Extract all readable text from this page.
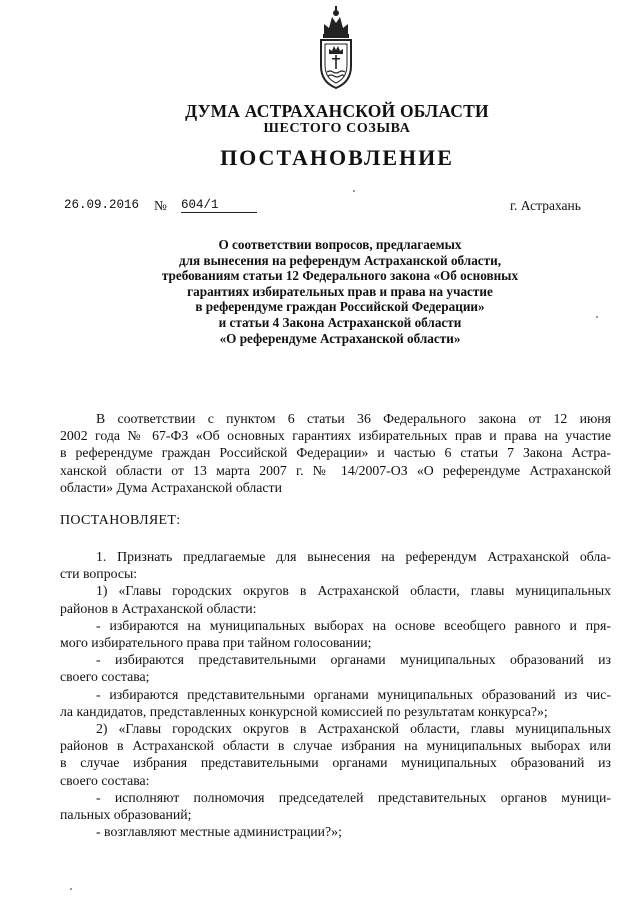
ДУМА АСТРАХАНСКОЙ ОБЛАСТИ
ШЕСТОГО СОЗЫВА
ПОСТАНОВЛЕНИЕ
26.09.2016 № 604/1	г. Астрахань
О соответствии вопросов, предлагаемых
для вынесения на референдум Астраханской области,
требованиям статьи 12 Федерального закона «Об основных
гарантиях избирательных прав и права на участие
в референдуме граждан Российской Федерации»
и статьи 4 Закона Астраханской области
«О референдуме Астраханской области»
В соответствии с пунктом 6 статьи 36 Федерального закона от 12 июня
2002 года № 67-ФЗ «Об основных гарантиях избирательных прав и права на участие
в референдуме граждан Российской Федерации» и частью 6 статьи 7 Закона Астра-
ханской области от 13 марта 2007 г. № 14/2007-ОЗ «О референдуме Астраханской
области» Дума Астраханской области
ПОСТАНОВЛЯЕТ:
1. Признать предлагаемые для вынесения на референдум Астраханской обла-
сти вопросы:
1) «Главы городских округов в Астраханской области, главы муниципальных
районов в Астраханской области:
- избираются на муниципальных выборах на основе всеобщего равного и пря-
мого избирательного права при тайном голосовании;
- избираются представительными органами муниципальных образований из
своего состава;
- избираются представительными органами муниципальных образований из чис-
ла кандидатов, представленных конкурсной комиссией по результатам конкурса?»;
2) «Главы городских округов в Астраханской области, главы муниципальных
районов в Астраханской области в случае избрания на муниципальных выборах или
в случае избрания представительными органами муниципальных образований из
своего состава:
- исполняют полномочия председателей представительных органов муници-
пальных образований;
- возглавляют местные администрации?»;
